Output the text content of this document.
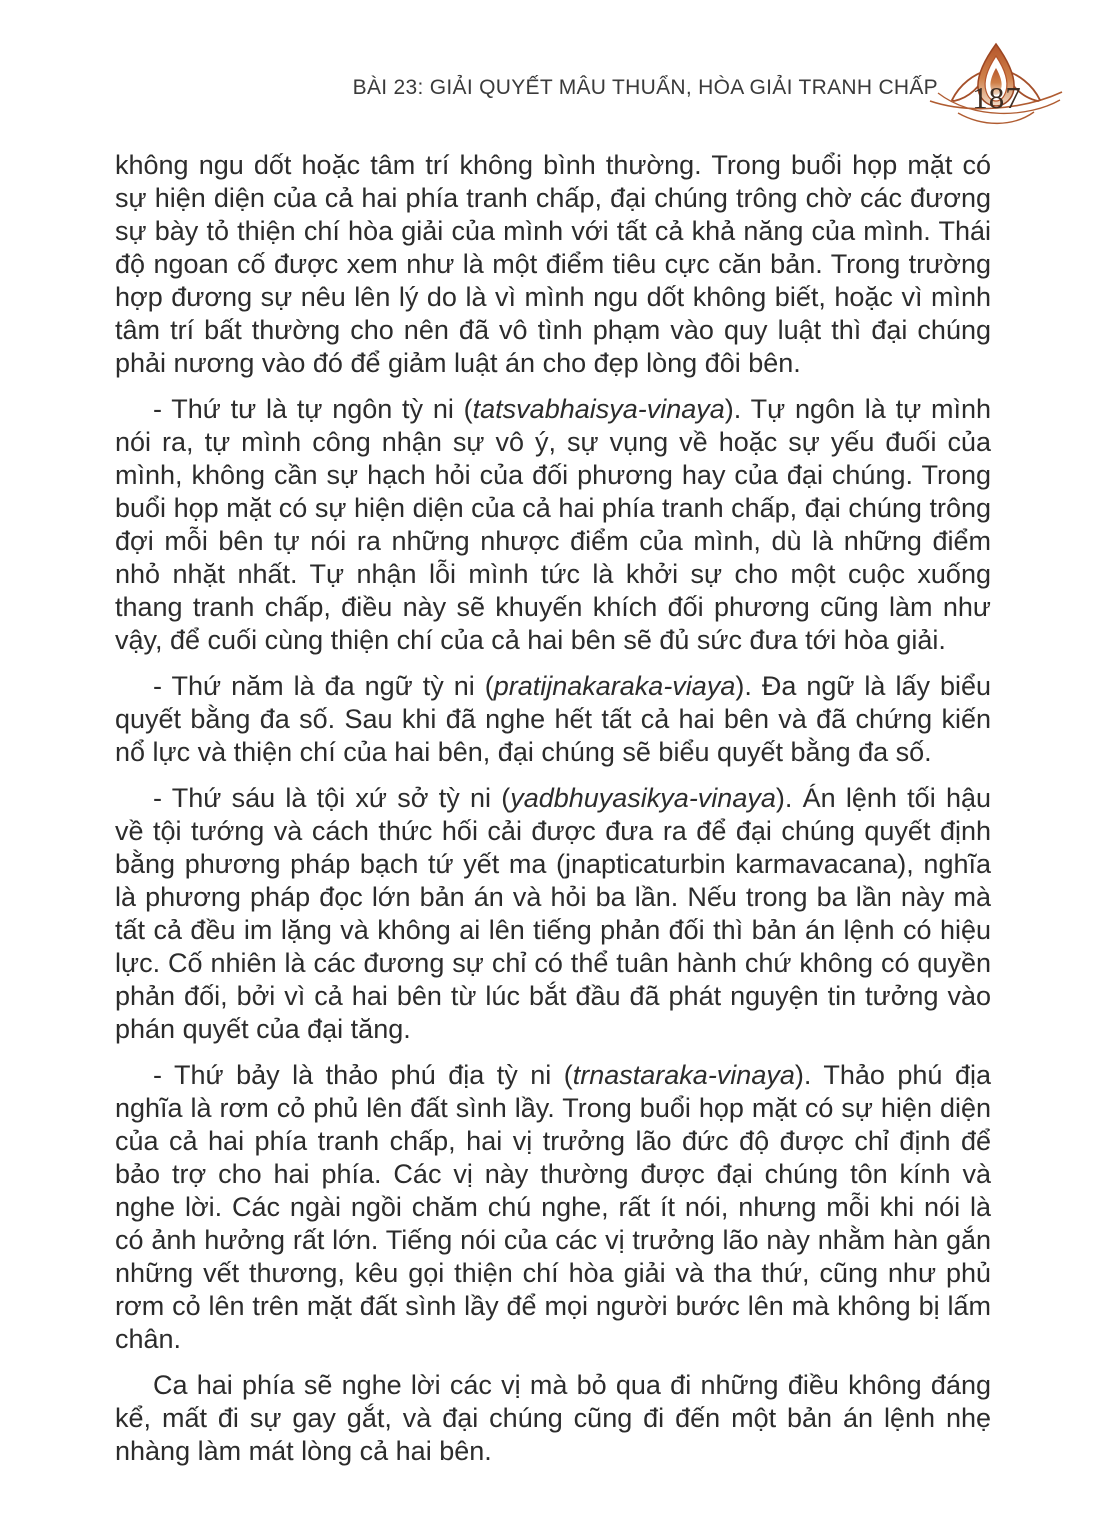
BÀI 23: GIẢI QUYẾT MÂU THUẨN, HÒA GIẢI TRANH CHẤP	187

không ngu dốt hoặc tâm trí không bình thường. Trong buổi họp mặt có sự hiện diện của cả hai phía tranh chấp, đại chúng trông chờ các đương sự bày tỏ thiện chí hòa giải của mình với tất cả khả năng của mình. Thái độ ngoan cố được xem như là một điểm tiêu cực căn bản. Trong trường hợp đương sự nêu lên lý do là vì mình ngu dốt không biết, hoặc vì mình tâm trí bất thường cho nên đã vô tình phạm vào quy luật thì đại chúng phải nương vào đó để giảm luật án cho đẹp lòng đôi bên.

- Thứ tư là tự ngôn tỳ ni (tatsvabhaisya-vinaya). Tự ngôn là tự mình nói ra, tự mình công nhận sự vô ý, sự vụng về hoặc sự yếu đuối của mình, không cần sự hạch hỏi của đối phương hay của đại chúng. Trong buổi họp mặt có sự hiện diện của cả hai phía tranh chấp, đại chúng trông đợi mỗi bên tự nói ra những nhược điểm của mình, dù là những điểm nhỏ nhặt nhất. Tự nhận lỗi mình tức là khởi sự cho một cuộc xuống thang tranh chấp, điều này sẽ khuyến khích đối phương cũng làm như vậy, để cuối cùng thiện chí của cả hai bên sẽ đủ sức đưa tới hòa giải.

- Thứ năm là đa ngữ tỳ ni (pratijnakaraka-viaya). Đa ngữ là lấy biểu quyết bằng đa số. Sau khi đã nghe hết tất cả hai bên và đã chứng kiến nổ lực và thiện chí của hai bên, đại chúng sẽ biểu quyết bằng đa số.

- Thứ sáu là tội xứ sở tỳ ni (yadbhuyasikya-vinaya). Án lệnh tối hậu về tội tướng và cách thức hối cải được đưa ra để đại chúng quyết định bằng phương pháp bạch tứ yết ma (jnapticaturbin karmavacana), nghĩa là phương pháp đọc lớn bản án và hỏi ba lần. Nếu trong ba lần này mà tất cả đều im lặng và không ai lên tiếng phản đối thì bản án lệnh có hiệu lực. Cố nhiên là các đương sự chỉ có thể tuân hành chứ không có quyền phản đối, bởi vì cả hai bên từ lúc bắt đầu đã phát nguyện tin tưởng vào phán quyết của đại tăng.

- Thứ bảy là thảo phú địa tỳ ni (trnastaraka-vinaya). Thảo phú địa nghĩa là rơm cỏ phủ lên đất sình lầy. Trong buổi họp mặt có sự hiện diện của cả hai phía tranh chấp, hai vị trưởng lão đức độ được chỉ định để bảo trợ cho hai phía. Các vị này thường được đại chúng tôn kính và nghe lời. Các ngài ngồi chăm chú nghe, rất ít nói, nhưng mỗi khi nói là có ảnh hưởng rất lớn. Tiếng nói của các vị trưởng lão này nhằm hàn gắn những vết thương, kêu gọi thiện chí hòa giải và tha thứ, cũng như phủ rơm cỏ lên trên mặt đất sình lầy để mọi người bước lên mà không bị lấm chân.

Ca hai phía sẽ nghe lời các vị mà bỏ qua đi những điều không đáng kể, mất đi sự gay gắt, và đại chúng cũng đi đến một bản án lệnh nhẹ nhàng làm mát lòng cả hai bên.
